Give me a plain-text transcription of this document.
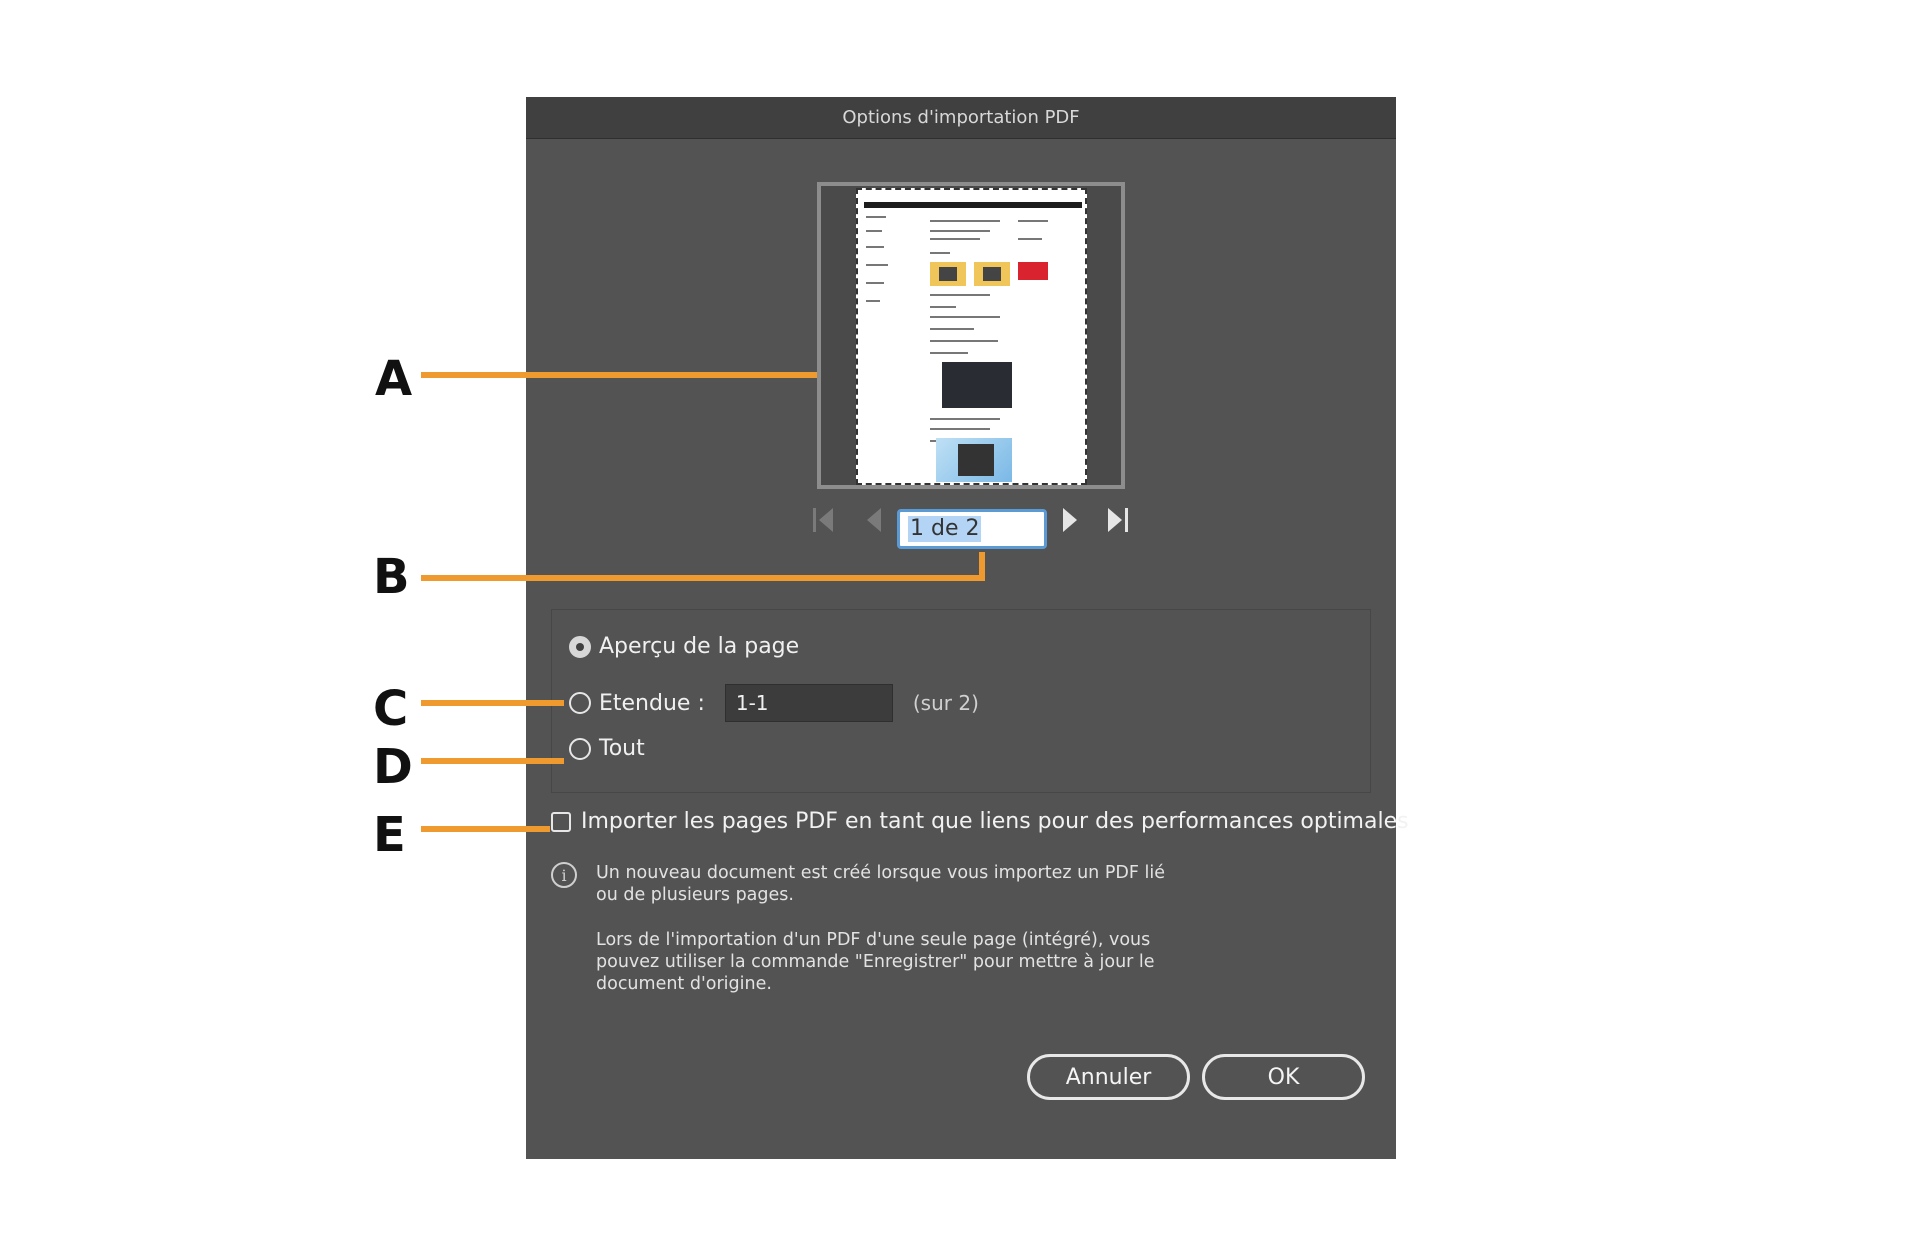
A
B
C
D
E
Options d'importation PDF
1 de 2
Aperçu de la page
Etendue :	1-1	(sur 2)
Tout
Importer les pages PDF en tant que liens pour des performances optimales
i	Un nouveau document est créé lorsque vous importez un PDF lié
ou de plusieurs pages.
Lors de l'importation d'un PDF d'une seule page (intégré), vous
pouvez utiliser la commande "Enregistrer" pour mettre à jour le
document d'origine.
Annuler	OK
